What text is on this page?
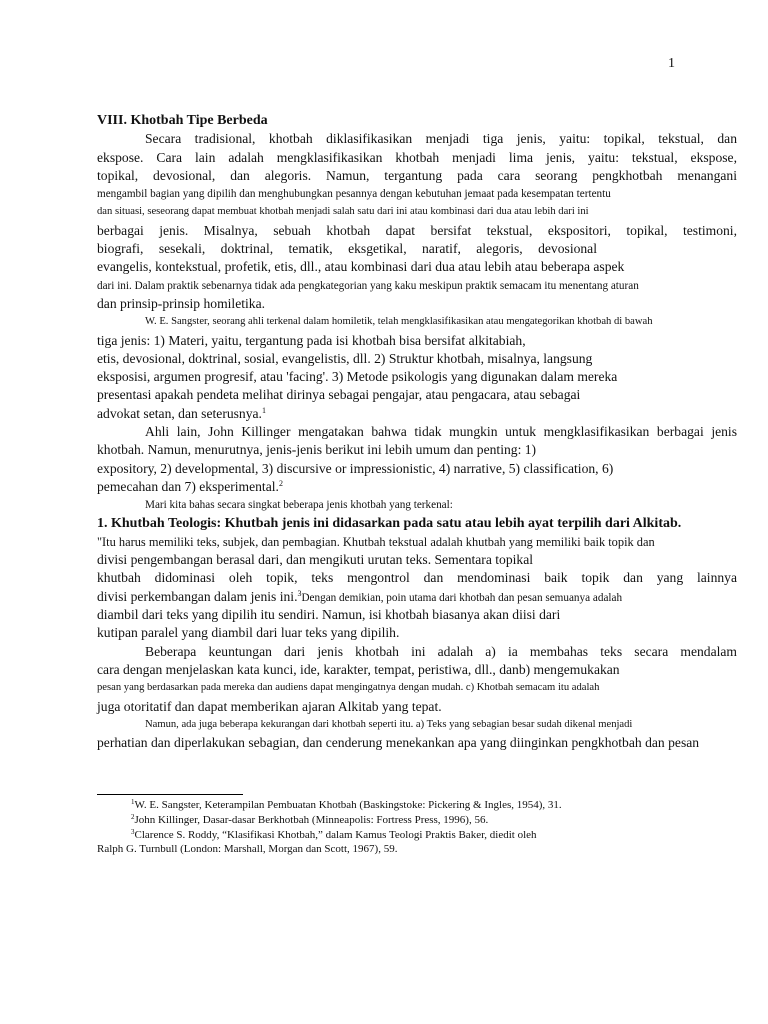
1
VIII. Khotbah Tipe Berbeda
Secara tradisional, khotbah diklasifikasikan menjadi tiga jenis, yaitu: topikal, tekstual, dan
ekspose. Cara lain adalah mengklasifikasikan khotbah menjadi lima jenis, yaitu: tekstual, ekspose,
topikal, devosional, dan alegoris. Namun, tergantung pada cara seorang pengkhotbah menangani
mengambil bagian yang dipilih dan menghubungkan pesannya dengan kebutuhan jemaat pada kesempatan tertentu
dan situasi, seseorang dapat membuat khotbah menjadi salah satu dari ini atau kombinasi dari dua atau lebih dari ini
berbagai jenis. Misalnya, sebuah khotbah dapat bersifat tekstual, ekspositori, topikal, testimoni,
biografi, sesekali, doktrinal, tematik, eksgetikal, naratif, alegoris, devosional
evangelis, kontekstual, profetik, etis, dll., atau kombinasi dari dua atau lebih atau beberapa aspek
dari ini. Dalam praktik sebenarnya tidak ada pengkategorian yang kaku meskipun praktik semacam itu menentang aturan
dan prinsip-prinsip homiletika.
W. E. Sangster, seorang ahli terkenal dalam homiletik, telah mengklasifikasikan atau mengategorikan khotbah di bawah
tiga jenis: 1) Materi, yaitu, tergantung pada isi khotbah bisa bersifat alkitabiah,
etis, devosional, doktrinal, sosial, evangelistis, dll. 2) Struktur khotbah, misalnya, langsung
eksposisi, argumen progresif, atau 'facing'. 3) Metode psikologis yang digunakan dalam mereka
presentasi apakah pendeta melihat dirinya sebagai pengajar, atau pengacara, atau sebagai
advokat setan, dan seterusnya.$^1$
Ahli lain, John Killinger mengatakan bahwa tidak mungkin untuk mengklasifikasikan berbagai jenis
khotbah. Namun, menurutnya, jenis-jenis berikut ini lebih umum dan penting: 1)
expository, 2) developmental, 3) discursive or impressionistic, 4) narrative, 5) classification, 6)
pemecahan dan 7) eksperimental.$^2$
Mari kita bahas secara singkat beberapa jenis khotbah yang terkenal:
1. Khutbah Teologis: Khutbah jenis ini didasarkan pada satu atau lebih ayat terpilih dari Alkitab.
"Itu harus memiliki teks, subjek, dan pembagian. Khutbah tekstual adalah khutbah yang memiliki baik topik dan
divisi pengembangan berasal dari, dan mengikuti urutan teks. Sementara topikal
khutbah didominasi oleh topik, teks mengontrol dan mendominasi baik topik dan yang lainnya
divisi perkembangan dalam jenis ini.$^3$Dengan demikian, poin utama dari khotbah dan pesan semuanya adalah
diambil dari teks yang dipilih itu sendiri. Namun, isi khotbah biasanya akan diisi dari
kutipan paralel yang diambil dari luar teks yang dipilih.
Beberapa keuntungan dari jenis khotbah ini adalah a) ia membahas teks secara mendalam
cara dengan menjelaskan kata kunci, ide, karakter, tempat, peristiwa, dll., danb) mengemukakan
pesan yang berdasarkan pada mereka dan audiens dapat mengingatnya dengan mudah. c) Khotbah semacam itu adalah
juga otoritatif dan dapat memberikan ajaran Alkitab yang tepat.
Namun, ada juga beberapa kekurangan dari khotbah seperti itu. a) Teks yang sebagian besar sudah dikenal menjadi
perhatian dan diperlakukan sebagian, dan cenderung menekankan apa yang diinginkan pengkhotbah dan pesan
$^1$W. E. Sangster, Keterampilan Pembuatan Khotbah (Baskingstoke: Pickering & Ingles, 1954), 31.
$^2$John Killinger, Dasar-dasar Berkhotbah (Minneapolis: Fortress Press, 1996), 56.
$^3$Clarence S. Roddy, “Klasifikasi Khotbah,” dalam Kamus Teologi Praktis Baker, diedit oleh
Ralph G. Turnbull (London: Marshall, Morgan dan Scott, 1967), 59.
